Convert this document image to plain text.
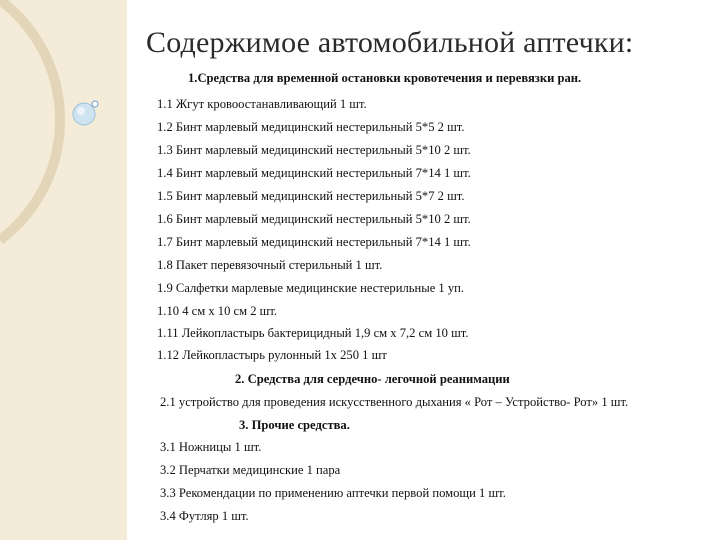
Содержимое автомобильной аптечки:
1.Средства для временной остановки кровотечения и перевязки ран.
1.1 Жгут кровоостанавливающий 1 шт.
1.2 Бинт марлевый медицинский нестерильный 5*5 2 шт.
1.3 Бинт марлевый медицинский нестерильный 5*10 2 шт.
1.4 Бинт марлевый медицинский нестерильный 7*14 1 шт.
1.5 Бинт марлевый медицинский нестерильный 5*7 2 шт.
1.6 Бинт марлевый медицинский нестерильный 5*10 2 шт.
1.7 Бинт марлевый медицинский нестерильный 7*14 1 шт.
1.8 Пакет перевязочный стерильный 1 шт.
1.9 Салфетки марлевые медицинские нестерильные 1 уп.
1.10 4 см х 10 см 2 шт.
1.11 Лейкопластырь бактерицидный 1,9 см х 7,2 см 10 шт.
1.12 Лейкопластырь рулонный 1х 250 1 шт
2. Средства для сердечно- легочной реанимации
2.1 устройство для проведения искусственного дыхания « Рот – Устройство- Рот» 1 шт.
3. Прочие средства.
3.1 Ножницы 1 шт.
3.2 Перчатки медицинские 1 пара
3.3 Рекомендации по применению аптечки первой помощи 1 шт.
3.4 Футляр 1 шт.
